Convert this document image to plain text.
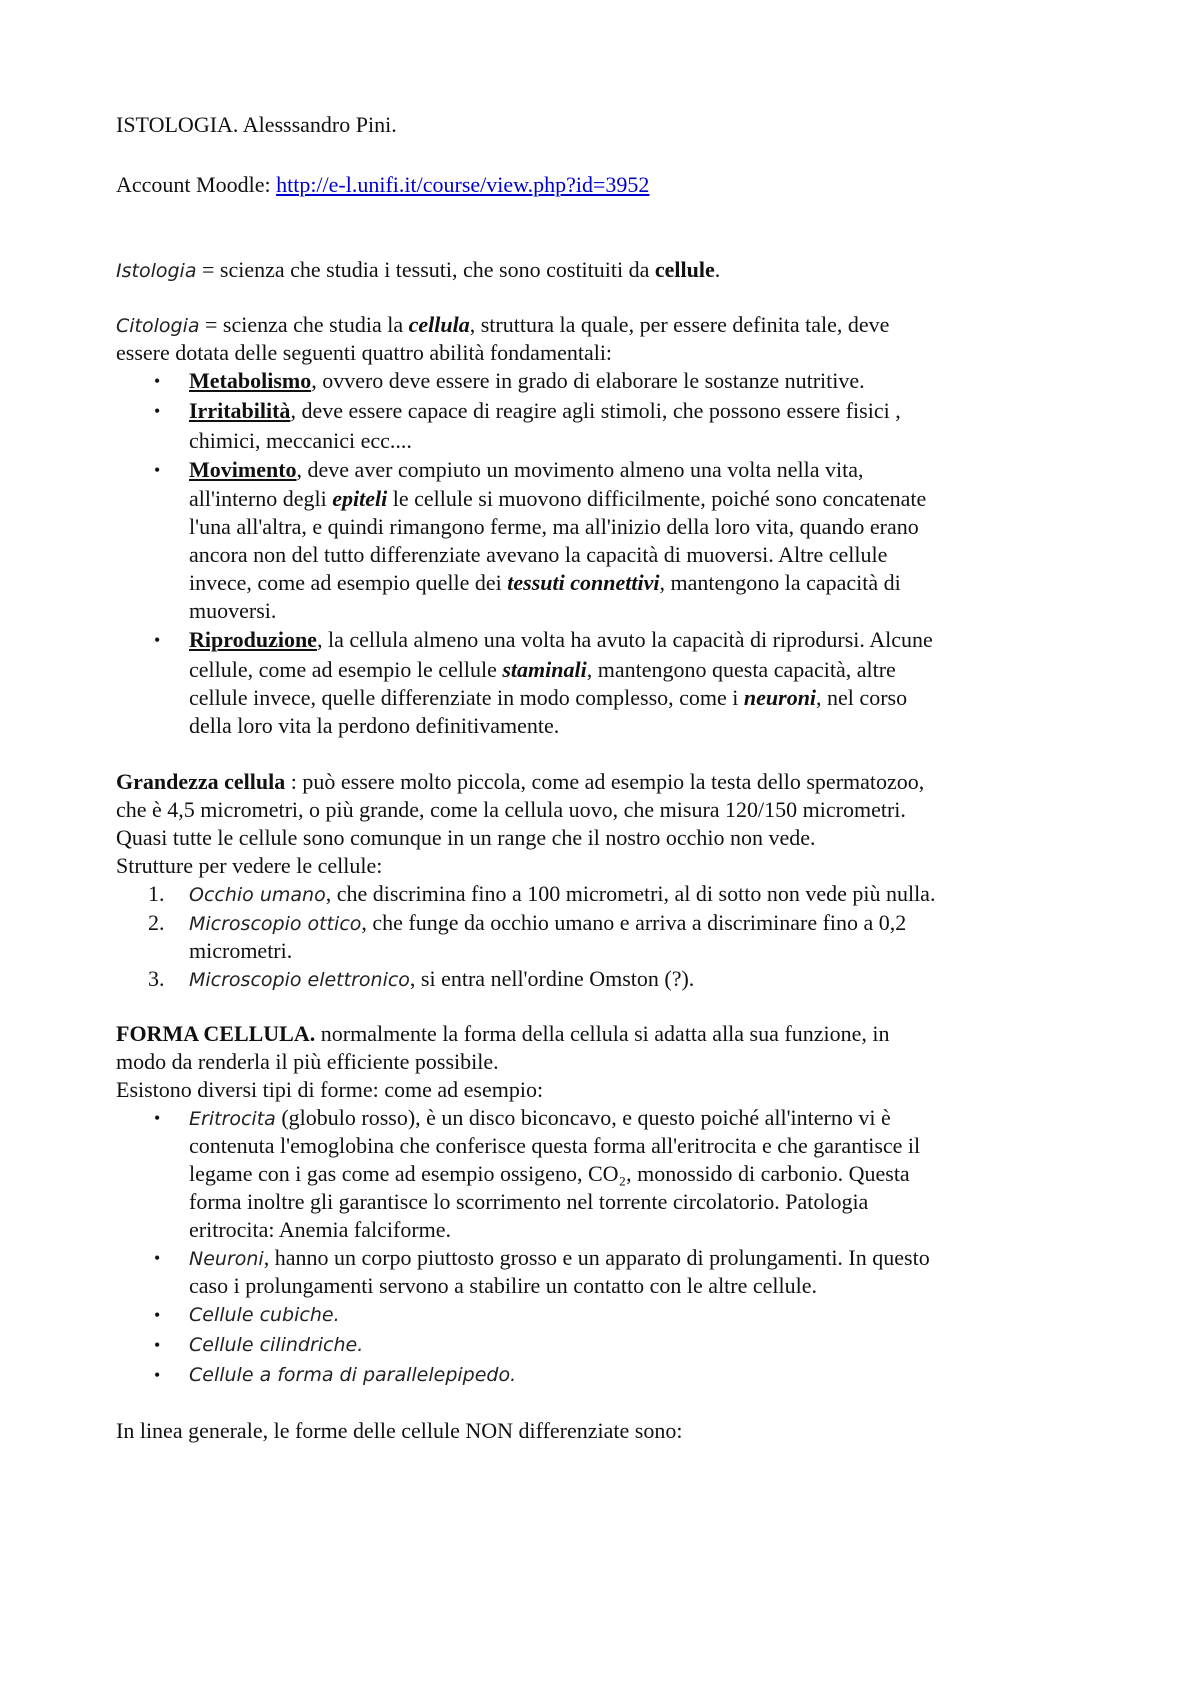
ISTOLOGIA. Alesssandro Pini.
Account Moodle: http://e-l.unifi.it/course/view.php?id=3952
Istologia = scienza che studia i tessuti, che sono costituiti da cellule.
Citologia = scienza che studia la cellula, struttura la quale, per essere definita tale, deve
essere dotata delle seguenti quattro abilità fondamentali:
• Metabolismo, ovvero deve essere in grado di elaborare le sostanze nutritive.
• Irritabilità, deve essere capace di reagire agli stimoli, che possono essere fisici ,
chimici, meccanici ecc....
• Movimento, deve aver compiuto un movimento almeno una volta nella vita,
all'interno degli epiteli le cellule si muovono difficilmente, poiché sono concatenate
l'una all'altra, e quindi rimangono ferme, ma all'inizio della loro vita, quando erano
ancora non del tutto differenziate avevano la capacità di muoversi. Altre cellule
invece, come ad esempio quelle dei tessuti connettivi, mantengono la capacità di
muoversi.
• Riproduzione, la cellula almeno una volta ha avuto la capacità di riprodursi. Alcune
cellule, come ad esempio le cellule staminali, mantengono questa capacità, altre
cellule invece, quelle differenziate in modo complesso, come i neuroni, nel corso
della loro vita la perdono definitivamente.
Grandezza cellula : può essere molto piccola, come ad esempio la testa dello spermatozoo,
che è 4,5 micrometri, o più grande, come la cellula uovo, che misura 120/150 micrometri.
Quasi tutte le cellule sono comunque in un range che il nostro occhio non vede.
Strutture per vedere le cellule:
1. Occhio umano, che discrimina fino a 100 micrometri, al di sotto non vede più nulla.
2. Microscopio ottico, che funge da occhio umano e arriva a discriminare fino a 0,2
micrometri.
3. Microscopio elettronico, si entra nell'ordine Omston (?).
FORMA CELLULA. normalmente la forma della cellula si adatta alla sua funzione, in
modo da renderla il più efficiente possibile.
Esistono diversi tipi di forme: come ad esempio:
• Eritrocita (globulo rosso), è un disco biconcavo, e questo poiché all'interno vi è
contenuta l'emoglobina che conferisce questa forma all'eritrocita e che garantisce il
legame con i gas come ad esempio ossigeno, CO₂, monossido di carbonio. Questa
forma inoltre gli garantisce lo scorrimento nel torrente circolatorio. Patologia
eritrocita: Anemia falciforme.
• Neuroni, hanno un corpo piuttosto grosso e un apparato di prolungamenti. In questo
caso i prolungamenti servono a stabilire un contatto con le altre cellule.
• Cellule cubiche.
• Cellule cilindriche.
• Cellule a forma di parallelepipedo.
In linea generale, le forme delle cellule NON differenziate sono:
